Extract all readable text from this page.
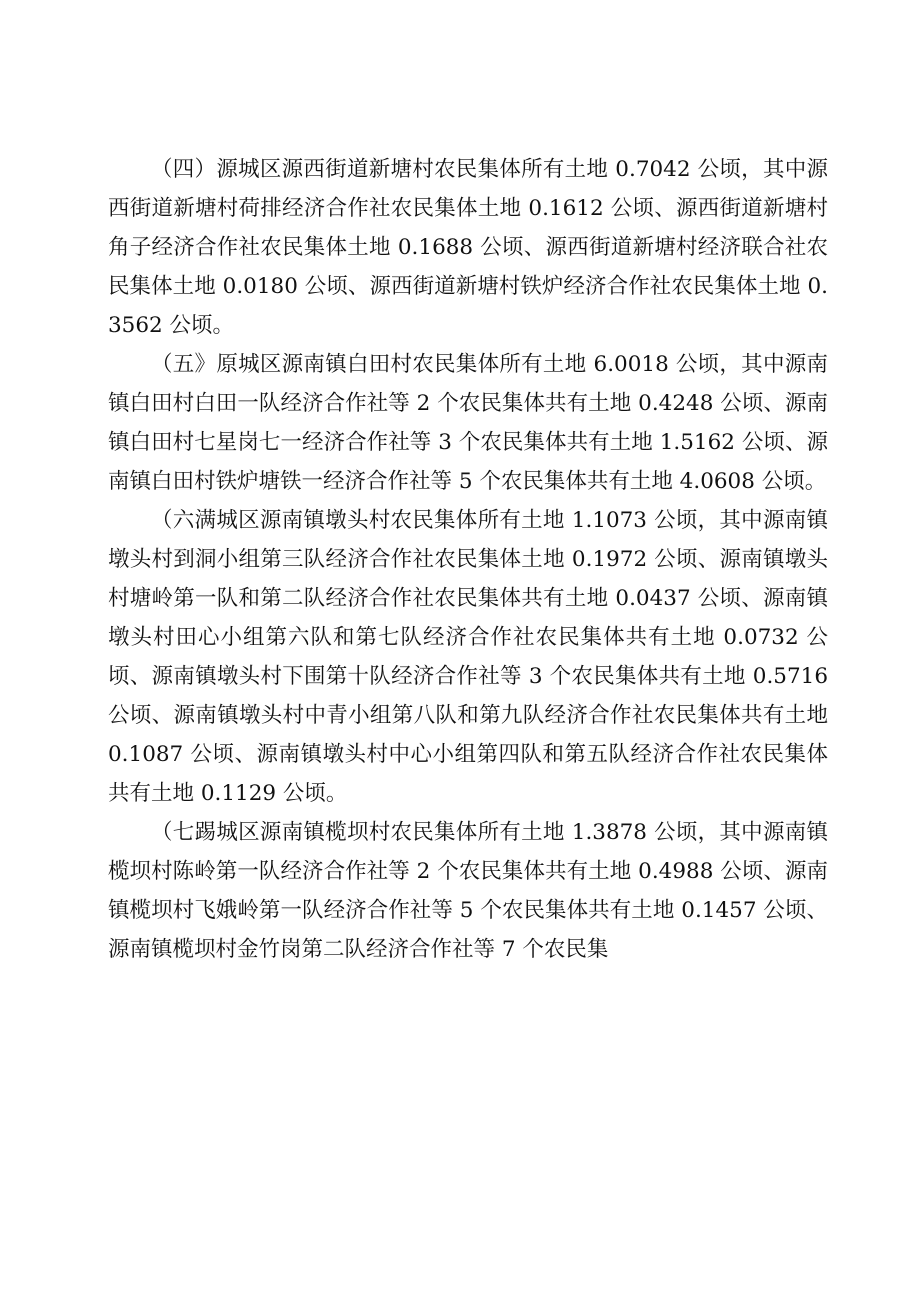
（四）源城区源西街道新塘村农民集体所有土地 0.7042 公顷，其中源西街道新塘村荷排经济合作社农民集体土地 0.1612 公顷、源西街道新塘村角子经济合作社农民集体土地 0.1688 公顷、源西街道新塘村经济联合社农民集体土地 0.0180 公顷、源西街道新塘村铁炉经济合作社农民集体土地 0.3562 公顷。

（五》原城区源南镇白田村农民集体所有土地 6.0018 公顷，其中源南镇白田村白田一队经济合作社等 2 个农民集体共有土地 0.4248 公顷、源南镇白田村七星岗七一经济合作社等 3 个农民集体共有土地 1.5162 公顷、源南镇白田村铁炉塘铁一经济合作社等 5 个农民集体共有土地 4.0608 公顷。

（六满城区源南镇墩头村农民集体所有土地 1.1073 公顷，其中源南镇墩头村到洞小组第三队经济合作社农民集体土地 0.1972 公顷、源南镇墩头村塘岭第一队和第二队经济合作社农民集体共有土地 0.0437 公顷、源南镇墩头村田心小组第六队和第七队经济合作社农民集体共有土地 0.0732 公顷、源南镇墩头村下围第十队经济合作社等 3 个农民集体共有土地 0.5716 公顷、源南镇墩头村中青小组第八队和第九队经济合作社农民集体共有土地 0.1087 公顷、源南镇墩头村中心小组第四队和第五队经济合作社农民集体共有土地 0.1129 公顷。

（七踢城区源南镇榄坝村农民集体所有土地 1.3878 公顷，其中源南镇榄坝村陈岭第一队经济合作社等 2 个农民集体共有土地 0.4988 公顷、源南镇榄坝村飞娥岭第一队经济合作社等 5 个农民集体共有土地 0.1457 公顷、源南镇榄坝村金竹岗第二队经济合作社等 7 个农民集
